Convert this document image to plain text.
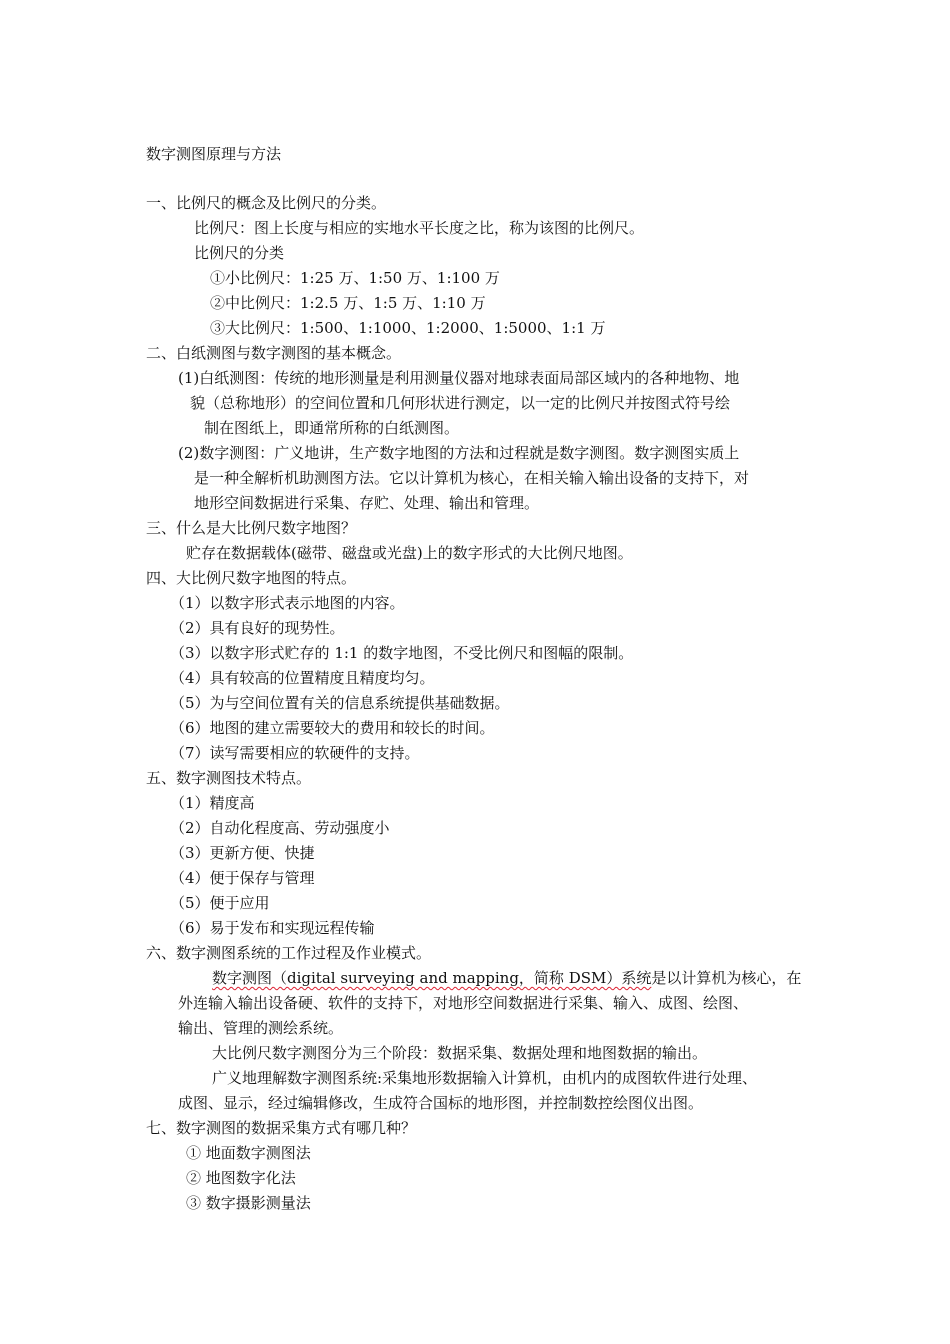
数字测图原理与方法
一、比例尺的概念及比例尺的分类。
比例尺：图上长度与相应的实地水平长度之比，称为该图的比例尺。
比例尺的分类
①小比例尺：1:25 万、1:50 万、1:100 万
②中比例尺：1:2.5 万、1:5 万、1:10 万
③大比例尺：1:500、1:1000、1:2000、1:5000、1:1 万
二、白纸测图与数字测图的基本概念。
(1)白纸测图：传统的地形测量是利用测量仪器对地球表面局部区域内的各种地物、地
貌（总称地形）的空间位置和几何形状进行测定，以一定的比例尺并按图式符号绘
制在图纸上，即通常所称的白纸测图。
(2)数字测图：广义地讲，生产数字地图的方法和过程就是数字测图。数字测图实质上
是一种全解析机助测图方法。它以计算机为核心，在相关输入输出设备的支持下，对
地形空间数据进行采集、存贮、处理、输出和管理。
三、什么是大比例尺数字地图？
贮存在数据载体(磁带、磁盘或光盘)上的数字形式的大比例尺地图。
四、大比例尺数字地图的特点。
（1）以数字形式表示地图的内容。
（2）具有良好的现势性。
（3）以数字形式贮存的 1:1 的数字地图，不受比例尺和图幅的限制。
（4）具有较高的位置精度且精度均匀。
（5）为与空间位置有关的信息系统提供基础数据。
（6）地图的建立需要较大的费用和较长的时间。
（7）读写需要相应的软硬件的支持。
五、数字测图技术特点。
（1）精度高
（2）自动化程度高、劳动强度小
（3）更新方便、快捷
（4）便于保存与管理
（5）便于应用
（6）易于发布和实现远程传输
六、数字测图系统的工作过程及作业模式。
数字测图（digital surveying and mapping，简称 DSM）系统是以计算机为核心，在
外连输入输出设备硬、软件的支持下，对地形空间数据进行采集、输入、成图、绘图、
输出、管理的测绘系统。
大比例尺数字测图分为三个阶段：数据采集、数据处理和地图数据的输出。
广义地理解数字测图系统:采集地形数据输入计算机，由机内的成图软件进行处理、
成图、显示，经过编辑修改，生成符合国标的地形图，并控制数控绘图仪出图。
七、数字测图的数据采集方式有哪几种？
① 地面数字测图法
② 地图数字化法
③ 数字摄影测量法
